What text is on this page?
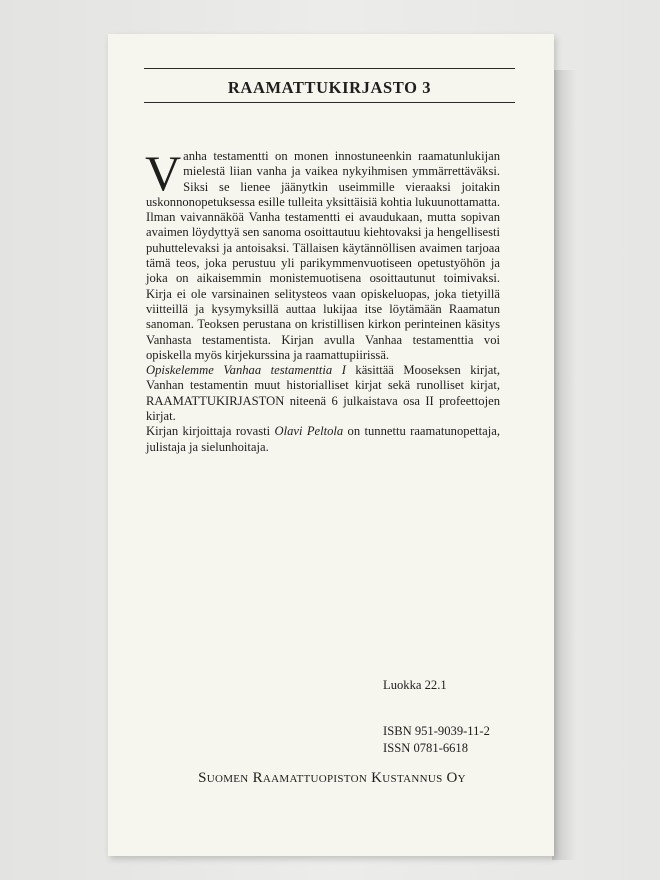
RAAMATTUKIRJASTO 3

Vanha testamentti on monen innostuneenkin raamatunlukijan mielestä liian vanha ja vaikea nykyihmisen ymmärrettäväksi. Siksi se lienee jäänytkin useimmille vieraaksi joitakin uskonnonopetuksessa esille tulleita yksittäisiä kohtia lukuunottamatta.

Ilman vaivannäköä Vanha testamentti ei avaudukaan, mutta sopivan avaimen löydyttyä sen sanoma osoittautuu kiehtovaksi ja hengellisesti puhuttelevaksi ja antoisaksi. Tällaisen käytännöllisen avaimen tarjoaa tämä teos, joka perustuu yli parikymmenvuotiseen opetustyöhön ja joka on aikaisemmin monistemuotisena osoittautunut toimivaksi. Kirja ei ole varsinainen selitysteos vaan opiskeluopas, joka tietyillä viitteillä ja kysymyksillä auttaa lukijaa itse löytämään Raamatun sanoman. Teoksen perustana on kristillisen kirkon perinteinen käsitys Vanhasta testamentista. Kirjan avulla Vanhaa testamenttia voi opiskella myös kirjekurssina ja raamattupiirissä.

Opiskelemme Vanhaa testamenttia I käsittää Mooseksen kirjat, Vanhan testamentin muut historialliset kirjat sekä runolliset kirjat, RAAMATTUKIRJASTON niteenä 6 julkaistava osa II profeettojen kirjat.

Kirjan kirjoittaja rovasti Olavi Peltola on tunnettu raamatunopettaja, julistaja ja sielunhoitaja.

Luokka 22.1
ISBN 951-9039-11-2
ISSN 0781-6618
Suomen Raamattuopiston Kustannus Oy
